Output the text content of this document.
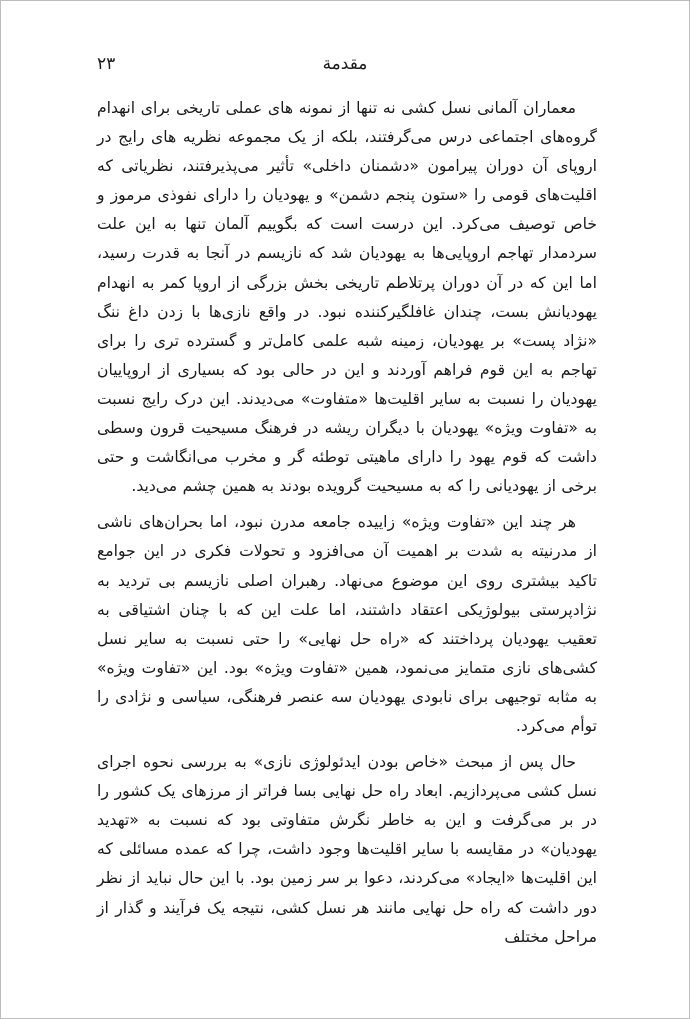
۲۳	مقدمة

معماران آلمانی نسل کشی نه تنها از نمونه های عملی تاریخی برای انهدام گروه‌های اجتماعی درس می‌گرفتند، بلکه از یک مجموعه نظریه های رایج در اروپای آن دوران پیرامون «دشمنان داخلی» تأثیر می‌پذیرفتند، نظریاتی که اقلیت‌های قومی را «ستون پنجم دشمن» و یهودیان را دارای نفوذی مرموز و خاص توصیف می‌کرد. این درست است که بگوییم آلمان تنها به این علت سردمدار تهاجم اروپایی‌ها به یهودیان شد که نازیسم در آنجا به قدرت رسید، اما این که در آن دوران پرتلاطم تاریخی بخش بزرگی از اروپا کمر به انهدام یهودیانش بست، چندان غافلگیرکننده نبود. در واقع نازی‌ها با زدن داغ ننگ «نژاد پست» بر یهودیان، زمینه شبه علمی کامل‌تر و گسترده تری را برای تهاجم به این قوم فراهم آوردند و این در حالی بود که بسیاری از اروپاییان یهودیان را نسبت به سایر اقلیت‌ها «متفاوت» می‌دیدند. این درک رایج نسبت به «تفاوت ویژه» یهودیان با دیگران ریشه در فرهنگ مسیحیت قرون وسطی داشت که قوم یهود را دارای ماهیتی توطئه گر و مخرب می‌انگاشت و حتی برخی از یهودیانی را که به مسیحیت گرویده بودند به همین چشم می‌دید.

هر چند این «تفاوت ویژه» زاییده جامعه مدرن نبود، اما بحران‌های ناشی از مدرنیته به شدت بر اهمیت آن می‌افزود و تحولات فکری در این جوامع تاکید بیشتری روی این موضوع می‌نهاد. رهبران اصلی نازیسم بی تردید به نژادپرستی بیولوژیکی اعتقاد داشتند، اما علت این که با چنان اشتیاقی به تعقیب یهودیان پرداختند که «راه حل نهایی» را حتی نسبت به سایر نسل کشی‌های نازی متمایز می‌نمود، همین «تفاوت ویژه» بود. این «تفاوت ویژه» به مثابه توجیهی برای نابودی یهودیان سه عنصر فرهنگی، سیاسی و نژادی را توأم می‌کرد.

حال پس از مبحث «خاص بودن ایدئولوژی نازی» به بررسی نحوه اجرای نسل کشی می‌پردازیم. ابعاد راه حل نهایی بسا فراتر از مرزهای یک کشور را در بر می‌گرفت و این به خاطر نگرش متفاوتی بود که نسبت به «تهدید یهودیان» در مقایسه با سایر اقلیت‌ها وجود داشت، چرا که عمده مسائلی که این اقلیت‌ها «ایجاد» می‌کردند، دعوا بر سر زمین بود. با این حال نباید از نظر دور داشت که راه حل نهایی مانند هر نسل کشی، نتیجه یک فرآیند و گذار از مراحل مختلف
